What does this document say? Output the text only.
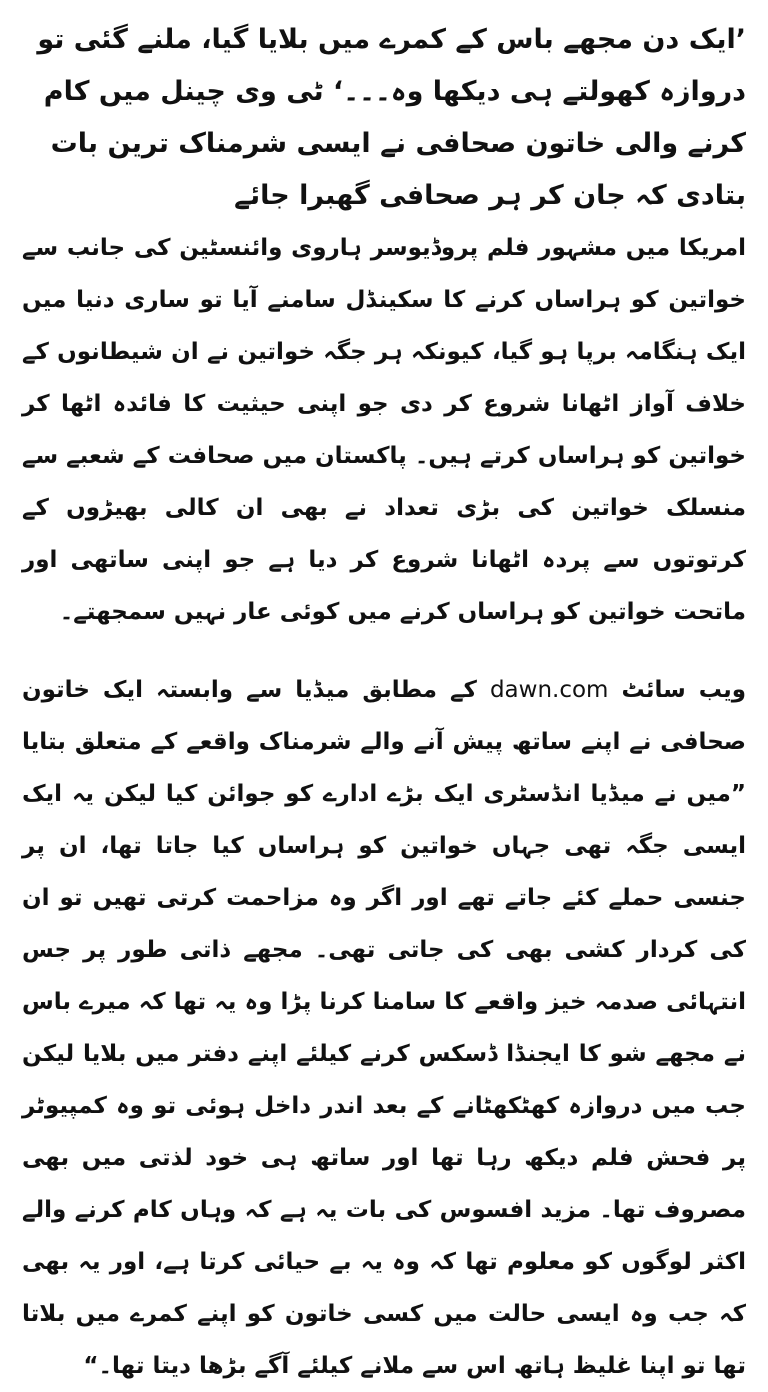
’ایک دن مجھے باس کے کمرے میں بلایا گیا، ملنے گئی تو دروازہ کھولتے ہی دیکھا وہ۔۔۔‘ ٹی وی چینل میں کام کرنے والی خاتون صحافی نے ایسی شرمناک ترین بات بتادی کہ جان کر ہر صحافی گھبرا جائے

امریکا میں مشہور فلم پروڈیوسر ہاروی وائنسٹین کی جانب سے خواتین کو ہراساں کرنے کا سکینڈل سامنے آیا تو ساری دنیا میں ایک ہنگامہ برپا ہو گیا، کیونکہ ہر جگہ خواتین نے ان شیطانوں کے خلاف آواز اٹھانا شروع کر دی جو اپنی حیثیت کا فائدہ اٹھا کر خواتین کو ہراساں کرتے ہیں۔ پاکستان میں صحافت کے شعبے سے منسلک خواتین کی بڑی تعداد نے بھی ان کالی بھیڑوں کے کرتوتوں سے پردہ اٹھانا شروع کر دیا ہے جو اپنی ساتھی اور ماتحت خواتین کو ہراساں کرنے میں کوئی عار نہیں سمجھتے۔

ویب سائٹ dawn.com کے مطابق میڈیا سے وابستہ ایک خاتون صحافی نے اپنے ساتھ پیش آنے والے شرمناک واقعے کے متعلق بتایا ”میں نے میڈیا انڈسٹری ایک بڑے ادارے کو جوائن کیا لیکن یہ ایک ایسی جگہ تھی جہاں خواتین کو ہراساں کیا جاتا تھا، ان پر جنسی حملے کئے جاتے تھے اور اگر وہ مزاحمت کرتی تھیں تو ان کی کردار کشی بھی کی جاتی تھی۔ مجھے ذاتی طور پر جس انتہائی صدمہ خیز واقعے کا سامنا کرنا پڑا وہ یہ تھا کہ میرے باس نے مجھے شو کا ایجنڈا ڈسکس کرنے کیلئے اپنے دفتر میں بلایا لیکن جب میں دروازہ کھٹکھٹانے کے بعد اندر داخل ہوئی تو وہ کمپیوٹر پر فحش فلم دیکھ رہا تھا اور ساتھ ہی خود لذتی میں بھی مصروف تھا۔ مزید افسوس کی بات یہ ہے کہ وہاں کام کرنے والے اکثر لوگوں کو معلوم تھا کہ وہ یہ بے حیائی کرتا ہے، اور یہ بھی کہ جب وہ ایسی حالت میں کسی خاتون کو اپنے کمرے میں بلاتا تھا تو اپنا غلیظ ہاتھ اس سے ملانے کیلئے آگے بڑھا دیتا تھا۔“
